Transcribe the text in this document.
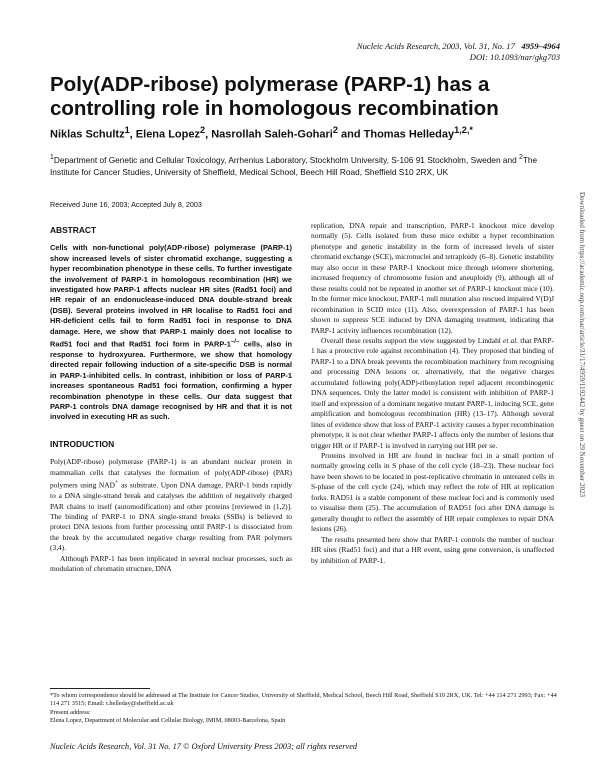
Nucleic Acids Research, 2003, Vol. 31, No. 17 4959–4964
DOI: 10.1093/nar/gkg703
Poly(ADP-ribose) polymerase (PARP-1) has a controlling role in homologous recombination
Niklas Schultz$^1$, Elena Lopez$^2$, Nasrollah Saleh-Gohari$^2$ and Thomas Helleday$^{1,2,*}$
$^1$Department of Genetic and Cellular Toxicology, Arrhenius Laboratory, Stockholm University, S-106 91 Stockholm, Sweden and $^2$The Institute for Cancer Studies, University of Sheffield, Medical School, Beech Hill Road, Sheffield S10 2RX, UK
Received June 16, 2003; Accepted July 8, 2003

ABSTRACT

Cells with non-functional poly(ADP-ribose) polymerase (PARP-1) show increased levels of sister chromatid exchange, suggesting a hyper recombination phenotype in these cells. To further investigate the involvement of PARP-1 in homologous recombination (HR) we investigated how PARP-1 affects nuclear HR sites (Rad51 foci) and HR repair of an endonuclease-induced DNA double-strand break (DSB). Several proteins involved in HR localise to Rad51 foci and HR-deficient cells fail to form Rad51 foci in response to DNA damage. Here, we show that PARP-1 mainly does not localise to Rad51 foci and that Rad51 foci form in PARP-1–/– cells, also in response to hydroxyurea. Furthermore, we show that homology directed repair following induction of a site-specific DSB is normal in PARP-1-inhibited cells. In contrast, inhibition or loss of PARP-1 increases spontaneous Rad51 foci formation, confirming a hyper recombination phenotype in these cells. Our data suggest that PARP-1 controls DNA damage recognised by HR and that it is not involved in executing HR as such.

INTRODUCTION

Poly(ADP-ribose) polymerase (PARP-1) is an abundant nuclear protein in mammalian cells that catalyses the formation of poly(ADP-ribose) (PAR) polymers using NAD+ as substrate. Upon DNA damage, PARP-1 binds rapidly to a DNA single-strand break and catalyses the addition of negatively charged PAR chains to itself (automodification) and other proteins [reviewed in (1,2)]. The binding of PARP-1 to DNA single-strand breaks (SSBs) is believed to protect DNA lesions from further processing until PARP-1 is dissociated from the break by the accumulated negative charge resulting from PAR polymers (3,4).

Although PARP-1 has been implicated in several nuclear processes, such as modulation of chromatin structure, DNA

replication, DNA repair and transcription, PARP-1 knockout mice develop normally (5). Cells isolated from these mice exhibit a hyper recombination phenotype and genetic instability in the form of increased levels of sister chromatid exchange (SCE), micronuclei and tetraploidy (6–8). Genetic instability may also occur in these PARP-1 knockout mice through telomere shortening, increased frequency of chromosome fusion and aneuploidy (9), although all of these results could not be repeated in another set of PARP-1 knockout mice (10). In the former mice knockout, PARP-1 null mutation also rescued impaired V(D)J recombination in SCID mice (11). Also, overexpression of PARP-1 has been shown to suppress SCE induced by DNA damaging treatment, indicating that PARP-1 activity influences recombination (12).

Overall these results support the view suggested by Lindahl et al. that PARP-1 has a protective role against recombination (4). They proposed that binding of PARP-1 to a DNA break prevents the recombination machinery from recognising and processing DNA lesions or, alternatively, that the negative charges accumulated following poly(ADP)-ribosylation repel adjacent recombinogenic DNA sequences. Only the latter model is consistent with inhibition of PARP-1 itself and expression of a dominant negative mutant PARP-1, inducing SCE, gene amplification and homologous recombination (HR) (13–17). Although several lines of evidence show that loss of PARP-1 activity causes a hyper recombination phenotype, it is not clear whether PARP-1 affects only the number of lesions that trigger HR or if PARP-1 is involved in carrying out HR per se.

Proteins involved in HR are found in nuclear foci in a small portion of normally growing cells in S phase of the cell cycle (18–23). These nuclear foci have been shown to be located in post-replicative chromatin in untreated cells in S-phase of the cell cycle (24), which may reflect the role of HR at replication forks. RAD51 is a stable component of these nuclear foci and is commonly used to visualise them (25). The accumulation of RAD51 foci after DNA damage is generally thought to reflect the assembly of HR repair complexes to repair DNA lesions (26).

The results presented here show that PARP-1 controls the number of nuclear HR sites (Rad51 foci) and that a HR event, using gene conversion, is unaffected by inhibition of PARP-1.

Downloaded from https://academic.oup.com/nar/article/31/17/4959/1192442 by guest on 29 November 2023

*To whom correspondence should be addressed at The Institute for Cancer Studies, University of Sheffield, Medical School, Beech Hill Road, Sheffield S10 2RX, UK. Tel: +44 114 271 2993; Fax: +44 114 271 3515; Email: t.helleday@sheffield.ac.uk

Present address:

Elena Lopez, Department of Molecular and Cellular Biology, IMIM, 08003-Barcelona, Spain

Nucleic Acids Research, Vol. 31 No. 17 © Oxford University Press 2003; all rights reserved
